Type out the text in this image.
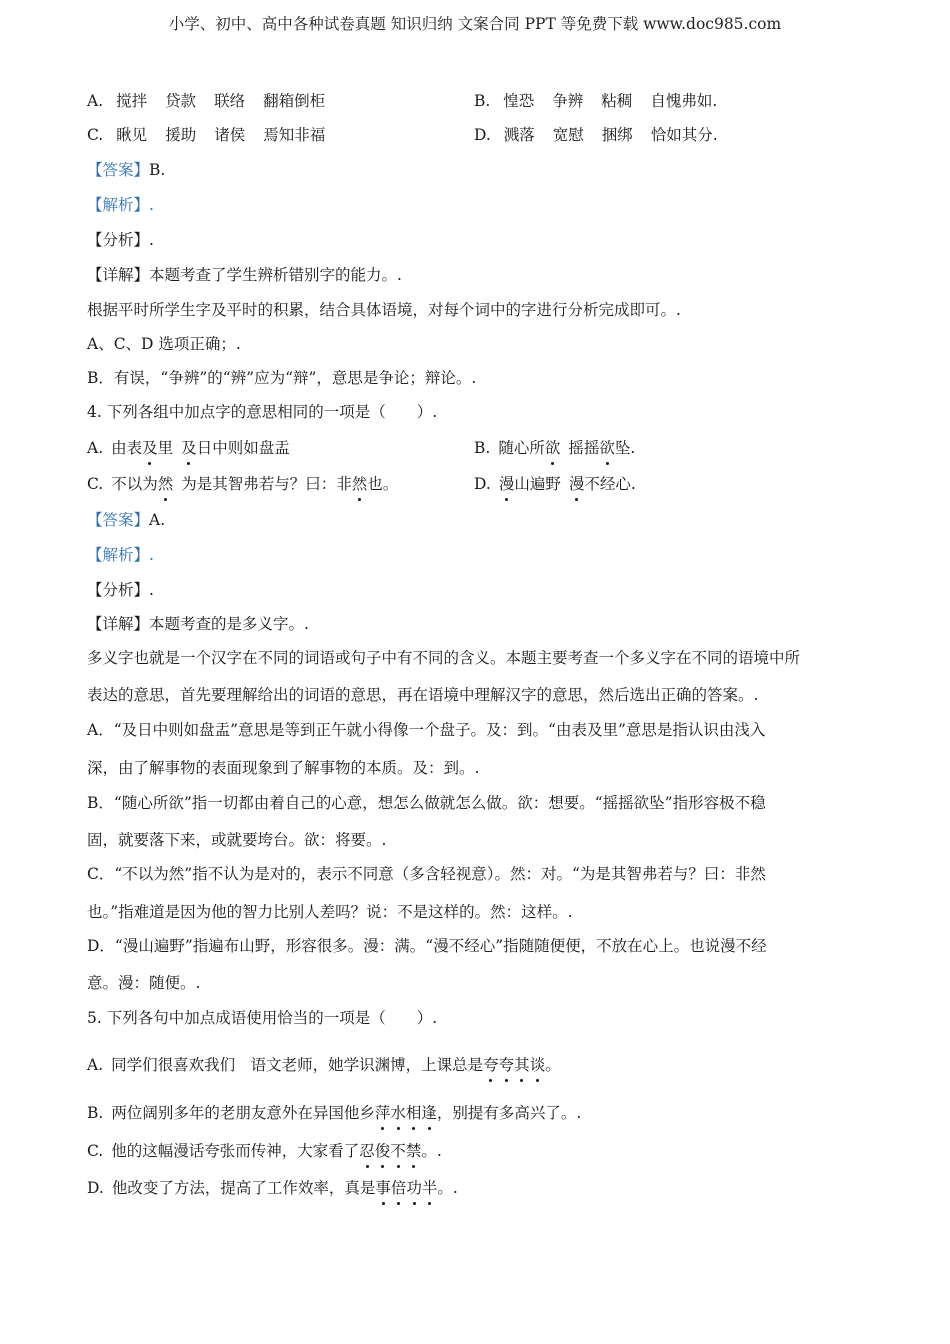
小学、初中、高中各种试卷真题 知识归纳 文案合同 PPT 等免费下载 www.doc985.com
A. 搅拌 贷款 联络 翻箱倒柜	B. 惶恐 争辨 粘稠 自愧弗如.
C. 瞅见 援助 诸侯 焉知非福	D. 溅落 宽慰 捆绑 恰如其分.
【答案】B.
【解析】.
【分析】.
【详解】本题考查了学生辨析错别字的能力。.
根据平时所学生字及平时的积累，结合具体语境，对每个词中的字进行分析完成即可。.
A、C、D 选项正确；.
B．有误，“争辨”的“辨”应为“辩”，意思是争论；辩论。.
4. 下列各组中加点字的意思相同的一项是（　　）.
A. 由表及里 及日中则如盘盂	B. 随心所欲 摇摇欲坠.
C. 不以为然 为是其智弗若与？曰：非然也。	D. 漫山遍野 漫不经心.
【答案】A.
【解析】.
【分析】.
【详解】本题考查的是多义字。.
多义字也就是一个汉字在不同的词语或句子中有不同的含义。本题主要考查一个多义字在不同的语境中所
表达的意思，首先要理解给出的词语的意思，再在语境中理解汉字的意思，然后选出正确的答案。.
A．“及日中则如盘盂”意思是等到正午就小得像一个盘子。及：到。“由表及里”意思是指认识由浅入
深，由了解事物的表面现象到了解事物的本质。及：到。.
B．“随心所欲”指一切都由着自己的心意，想怎么做就怎么做。欲：想要。“摇摇欲坠”指形容极不稳
固，就要落下来，或就要垮台。欲：将要。.
C．“不以为然”指不认为是对的，表示不同意（多含轻视意）。然：对。“为是其智弗若与？曰：非然
也。”指难道是因为他的智力比别人差吗？说：不是这样的。然：这样。.
D．“漫山遍野”指遍布山野，形容很多。漫：满。“漫不经心”指随随便便，不放在心上。也说漫不经
意。漫：随便。.
5. 下列各句中加点成语使用恰当的一项是（　　）.
A. 同学们很喜欢我们　语文老师，她学识渊博，上课总是夸夸其谈。
B. 两位阔别多年的老朋友意外在异国他乡萍水相逢，别提有多高兴了。.
C. 他的这幅漫话夸张而传神，大家看了忍俊不禁。.
D. 他改变了方法，提高了工作效率，真是事倍功半。.
